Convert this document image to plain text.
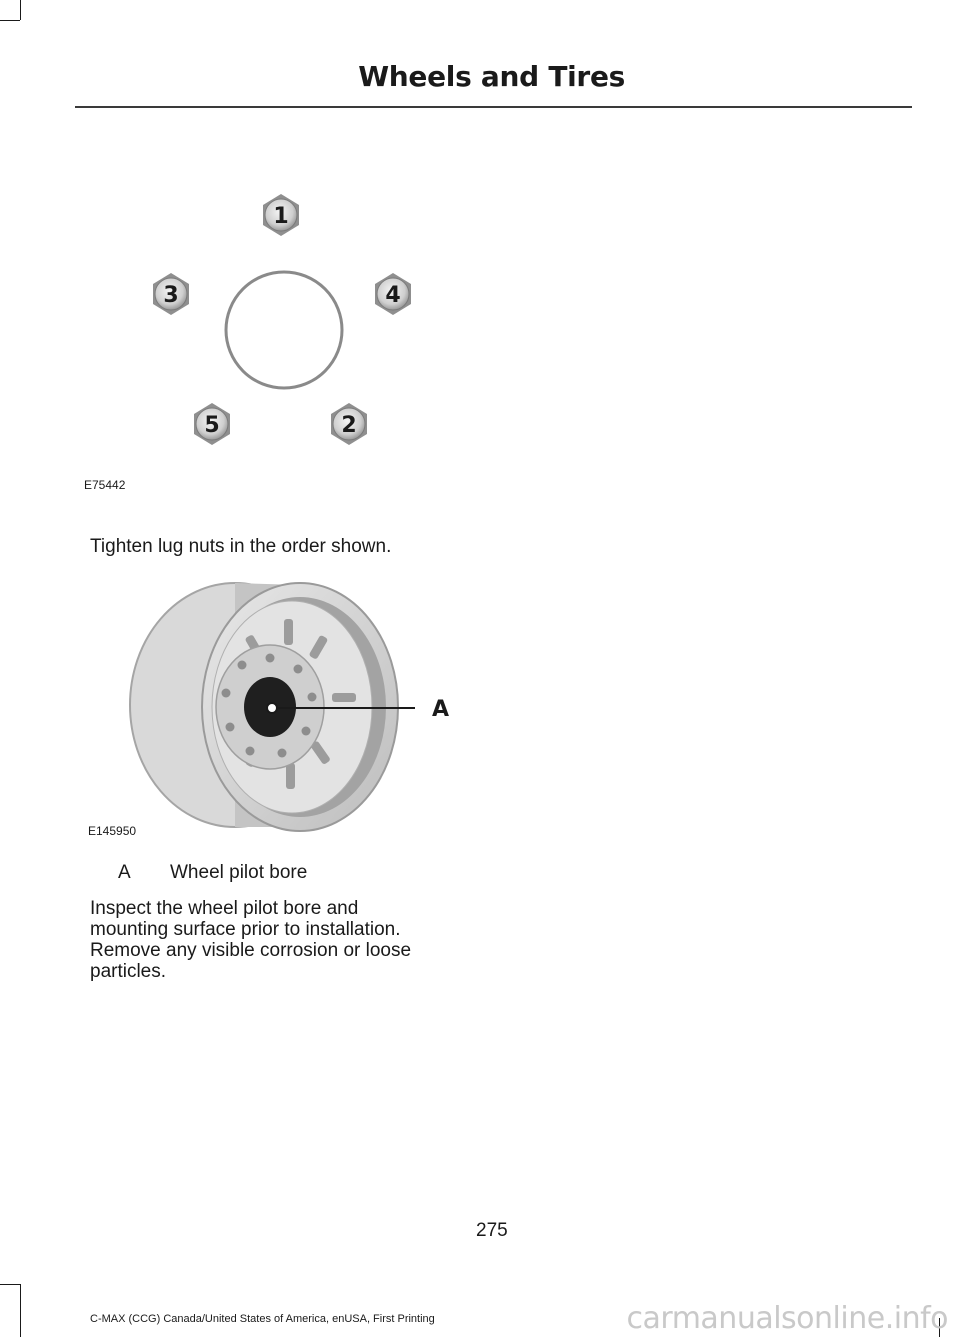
Wheels and Tires
1
3	4
5	2
E75442
Tighten lug nuts in the order shown.
A
E145950
A Wheel pilot bore
Inspect the wheel pilot bore and
mounting surface prior to installation.
Remove any visible corrosion or loose
particles.
275
C-MAX (CCG) Canada/United States of America, enUSA, First Printing	carmanualsonline.info
